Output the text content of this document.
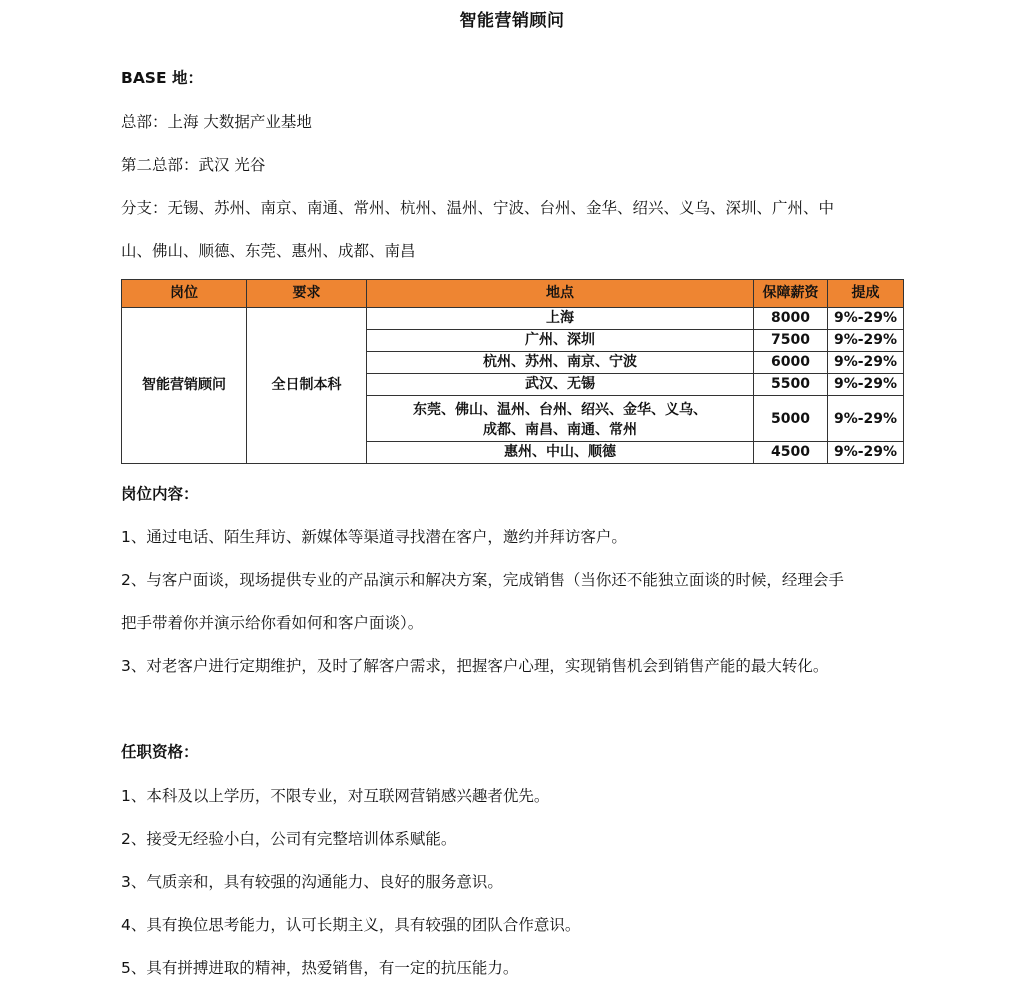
智能营销顾问
BASE 地：
总部：上海 大数据产业基地
第二总部：武汉 光谷
分支：无锡、苏州、南京、南通、常州、杭州、温州、宁波、台州、金华、绍兴、义乌、深圳、广州、中
山、佛山、顺德、东莞、惠州、成都、南昌
岗位	要求	地点	保障薪资	提成
智能营销顾问	全日制本科	上海	8000	9%-29%
		广州、深圳	7500	9%-29%
		杭州、苏州、南京、宁波	6000	9%-29%
		武汉、无锡	5500	9%-29%

		东莞、佛山、温州、台州、绍兴、金华、义乌、
成都、南昌、南通、常州	5000	9%-29%
		惠州、中山、顺德	4500	9%-29%
岗位内容：
1、通过电话、陌生拜访、新媒体等渠道寻找潜在客户，邀约并拜访客户。
2、与客户面谈，现场提供专业的产品演示和解决方案，完成销售（当你还不能独立面谈的时候，经理会手
把手带着你并演示给你看如何和客户面谈）。
3、对老客户进行定期维护，及时了解客户需求，把握客户心理，实现销售机会到销售产能的最大转化。
任职资格：
1、本科及以上学历，不限专业，对互联网营销感兴趣者优先。
2、接受无经验小白，公司有完整培训体系赋能。
3、气质亲和，具有较强的沟通能力、良好的服务意识。
4、具有换位思考能力，认可长期主义，具有较强的团队合作意识。
5、具有拼搏进取的精神，热爱销售，有一定的抗压能力。
